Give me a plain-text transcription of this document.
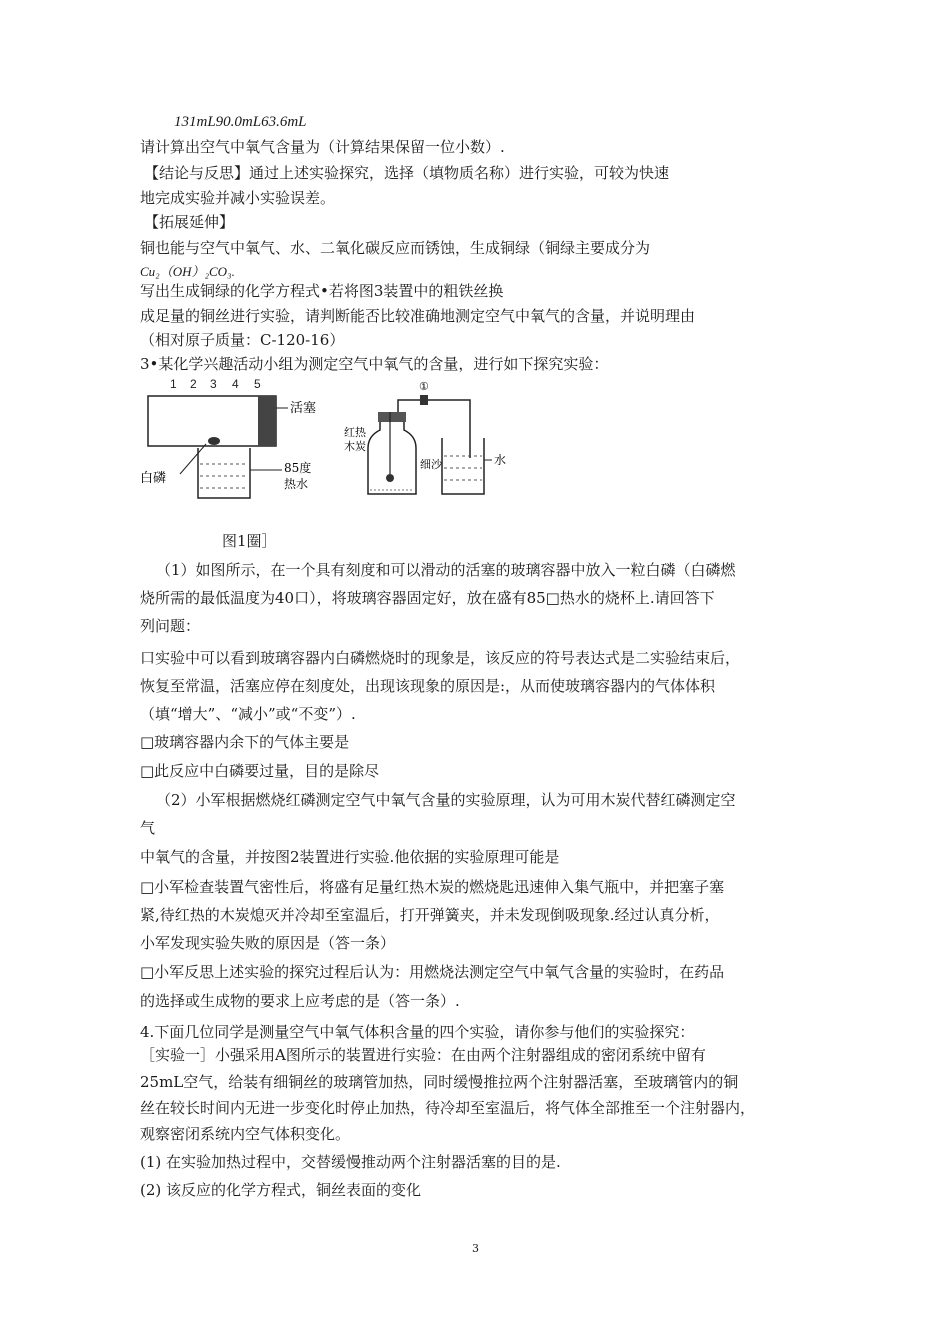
131mL90.0mL63.6mL
请计算出空气中氧气含量为（计算结果保留一位小数）.
【结论与反思】通过上述实验探究，选择（填物质名称）进行实验，可较为快速
地完成实验并减小实验误差。
【拓展延伸】
铜也能与空气中氧气、水、二氧化碳反应而锈蚀，生成铜绿（铜绿主要成分为
Cu₂（OH）₂CO₃.
写出生成铜绿的化学方程式•若将图3装置中的粗铁丝换
成足量的铜丝进行实验，请判断能否比较准确地测定空气中氧气的含量，并说明理由
（相对原子质量：C-120-16）
3•某化学兴趣活动小组为测定空气中氧气的含量，进行如下探究实验：
1 2 3 4 5
活塞
白磷
85度
热水
红热
木炭
细沙
①
水
图1圈］
（1）如图所示，在一个具有刻度和可以滑动的活塞的玻璃容器中放入一粒白磷（白磷燃
烧所需的最低温度为40口），将玻璃容器固定好，放在盛有85□热水的烧杯上.请回答下
列问题：
口实验中可以看到玻璃容器内白磷燃烧时的现象是，该反应的符号表达式是二实验结束后，
恢复至常温，活塞应停在刻度处，出现该现象的原因是:，从而使玻璃容器内的气体体积
（填“增大”、“减小”或“不变”）.
□玻璃容器内余下的气体主要是
□此反应中白磷要过量，目的是除尽
（2）小军根据燃烧红磷测定空气中氧气含量的实验原理，认为可用木炭代替红磷测定空
气
中氧气的含量，并按图2装置进行实验.他依据的实验原理可能是
□小军检查装置气密性后，将盛有足量红热木炭的燃烧匙迅速伸入集气瓶中，并把塞子塞
紧,待红热的木炭熄灭并冷却至室温后，打开弹簧夹，并未发现倒吸现象.经过认真分析，
小军发现实验失败的原因是（答一条）
□小军反思上述实验的探究过程后认为：用燃烧法测定空气中氧气含量的实验时，在药品
的选择或生成物的要求上应考虑的是（答一条）.
4.下面几位同学是测量空气中氧气体积含量的四个实验，请你参与他们的实验探究：
［实验一］小强采用A图所示的装置进行实验：在由两个注射器组成的密闭系统中留有
25mL空气，给装有细铜丝的玻璃管加热，同时缓慢推拉两个注射器活塞，至玻璃管内的铜
丝在较长时间内无进一步变化时停止加热，待冷却至室温后，将气体全部推至一个注射器内，
观察密闭系统内空气体积变化。
(1) 在实验加热过程中，交替缓慢推动两个注射器活塞的目的是.
(2) 该反应的化学方程式，铜丝表面的变化
3
